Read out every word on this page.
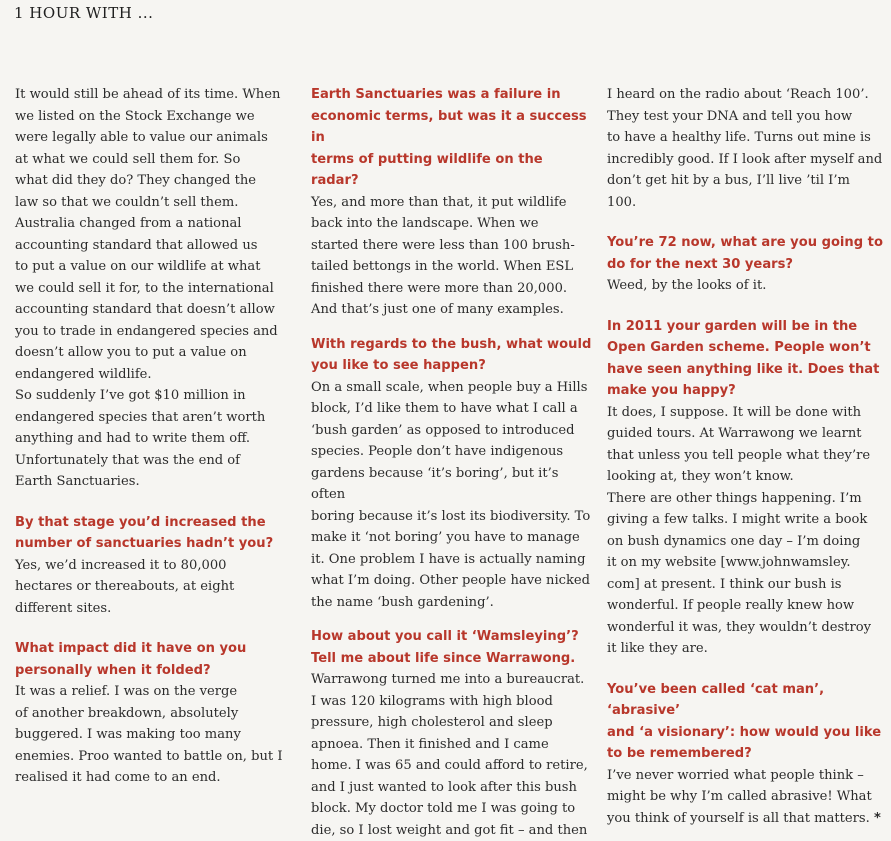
1 HOUR WITH ...

It would still be ahead of its time. When
we listed on the Stock Exchange we
were legally able to value our animals
at what we could sell them for. So
what did they do? They changed the
law so that we couldn’t sell them.
Australia changed from a national
accounting standard that allowed us
to put a value on our wildlife at what
we could sell it for, to the international
accounting standard that doesn’t allow
you to trade in endangered species and
doesn’t allow you to put a value on
endangered wildlife.
So suddenly I’ve got $10 million in
endangered species that aren’t worth
anything and had to write them off.
Unfortunately that was the end of
Earth Sanctuaries.

By that stage you’d increased the
number of sanctuaries hadn’t you?

Yes, we’d increased it to 80,000
hectares or thereabouts, at eight
different sites.

What impact did it have on you
personally when it folded?

It was a relief. I was on the verge
of another breakdown, absolutely
buggered. I was making too many
enemies. Proo wanted to battle on, but I
realised it had come to an end.

Earth Sanctuaries was a failure in
economic terms, but was it a success in
terms of putting wildlife on the radar?

Yes, and more than that, it put wildlife
back into the landscape. When we
started there were less than 100 brush-
tailed bettongs in the world. When ESL
finished there were more than 20,000.
And that’s just one of many examples.

With regards to the bush, what would
you like to see happen?

On a small scale, when people buy a Hills
block, I’d like them to have what I call a
‘bush garden’ as opposed to introduced
species. People don’t have indigenous
gardens because ‘it’s boring’, but it’s often
boring because it’s lost its biodiversity. To
make it ‘not boring’ you have to manage
it. One problem I have is actually naming
what I’m doing. Other people have nicked
the name ‘bush gardening’.

How about you call it ‘Wamsleying’?
Tell me about life since Warrawong.

Warrawong turned me into a bureaucrat.
I was 120 kilograms with high blood
pressure, high cholesterol and sleep
apnoea. Then it finished and I came
home. I was 65 and could afford to retire,
and I just wanted to look after this bush
block. My doctor told me I was going to
die, so I lost weight and got fit – and then

I heard on the radio about ‘Reach 100’.
They test your DNA and tell you how
to have a healthy life. Turns out mine is
incredibly good. If I look after myself and
don’t get hit by a bus, I’ll live ’til I’m 100.

You’re 72 now, what are you going to
do for the next 30 years?

Weed, by the looks of it.

In 2011 your garden will be in the
Open Garden scheme. People won’t
have seen anything like it. Does that
make you happy?

It does, I suppose. It will be done with
guided tours. At Warrawong we learnt
that unless you tell people what they’re
looking at, they won’t know.
There are other things happening. I’m
giving a few talks. I might write a book
on bush dynamics one day – I’m doing
it on my website [www.johnwamsley.
com] at present. I think our bush is
wonderful. If people really knew how
wonderful it was, they wouldn’t destroy
it like they are.

You’ve been called ‘cat man’, ‘abrasive’
and ‘a visionary’: how would you like
to be remembered?

I’ve never worried what people think –
might be why I’m called abrasive! What
you think of yourself is all that matters. *
